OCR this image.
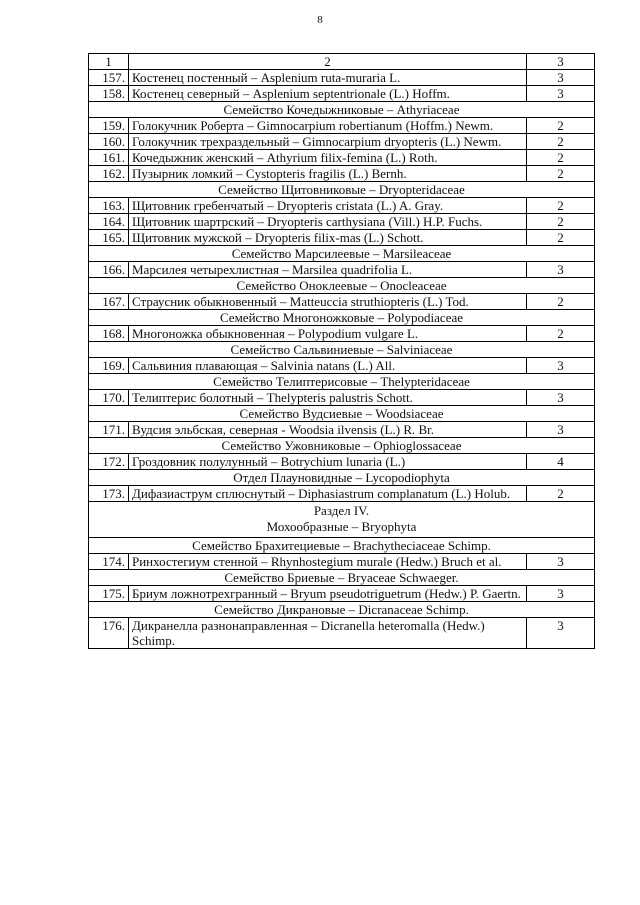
8
1	2	3
157.	Костенец постенный – Asplenium ruta-muraria L.	3
158.	Костенец северный – Asplenium septentrionale (L.) Hoffm.	3
Семейство Кочедыжниковые – Athyriaceae		
159.	Голокучник Роберта – Gimnocarpium robertianum (Hoffm.) Newm.	2
160.	Голокучник трехраздельный – Gimnocarpium dryopteris (L.) Newm.	2
161.	Кочедыжник женский – Athyrium filix-femina (L.) Roth.	2
162.	Пузырник ломкий – Cystopteris fragilis (L.) Bernh.	2
Семейство Щитовниковые – Dryopteridaceae		
163.	Щитовник гребенчатый – Dryopteris cristata (L.) A. Gray.	2
164.	Щитовник шартрский – Dryopteris carthysiana (Vill.) H.P. Fuchs.	2
165.	Щитовник мужской – Dryopteris filix-mas (L.) Schott.	2
Семейство Марсилеевые – Marsileaceae		
166.	Марсилея четырехлистная – Marsilea quadrifolia L.	3
Семейство Оноклеевые – Onocleaceae		
167.	Страусник обыкновенный – Matteuccia struthiopteris (L.) Tod.	2
Семейство Многоножковые – Polypodiaceae		
168.	Многоножка обыкновенная – Polypodium vulgare L.	2
Семейство Сальвиниевые – Salviniaceae		
169.	Сальвиния плавающая – Salvinia natans (L.) All.	3
Семейство Телиптерисовые – Thelypteridaceae		
170.	Телиптерис болотный – Thelypteris palustris Schott.	3
Семейство Вудсиевые – Woodsiaceae		
171.	Вудсия эльбская, северная - Woodsia ilvensis (L.) R. Br.	3
Семейство Ужовниковые – Ophioglossaceae		
172.	Гроздовник полулунный – Botrychium lunaria (L.)	4
Отдел Плауновидные – Lycopodiophyta		
173.	Дифазиаструм сплюснутый – Diphasiastrum complanatum (L.) Holub.	2

Раздел IV.
Мохообразные – Bryophyta		

Семейство Брахитециевые – Brachytheciaceae Schimp.		
174.	Ринхостегиум стенной – Rhynhostegium murale (Hedw.) Bruch et al.	3
Семейство Бриевые – Bryaceae Schwaeger.		
175.	Бриум ложнотрехгранный – Bryum pseudotriguetrum (Hedw.) P. Gaertn.	3
Семейство Дикрановые – Dicranaceae Schimp.		
176.	Дикранелла разнонаправленная – Dicranella heteromalla (Hedw.) Schimp.	3
